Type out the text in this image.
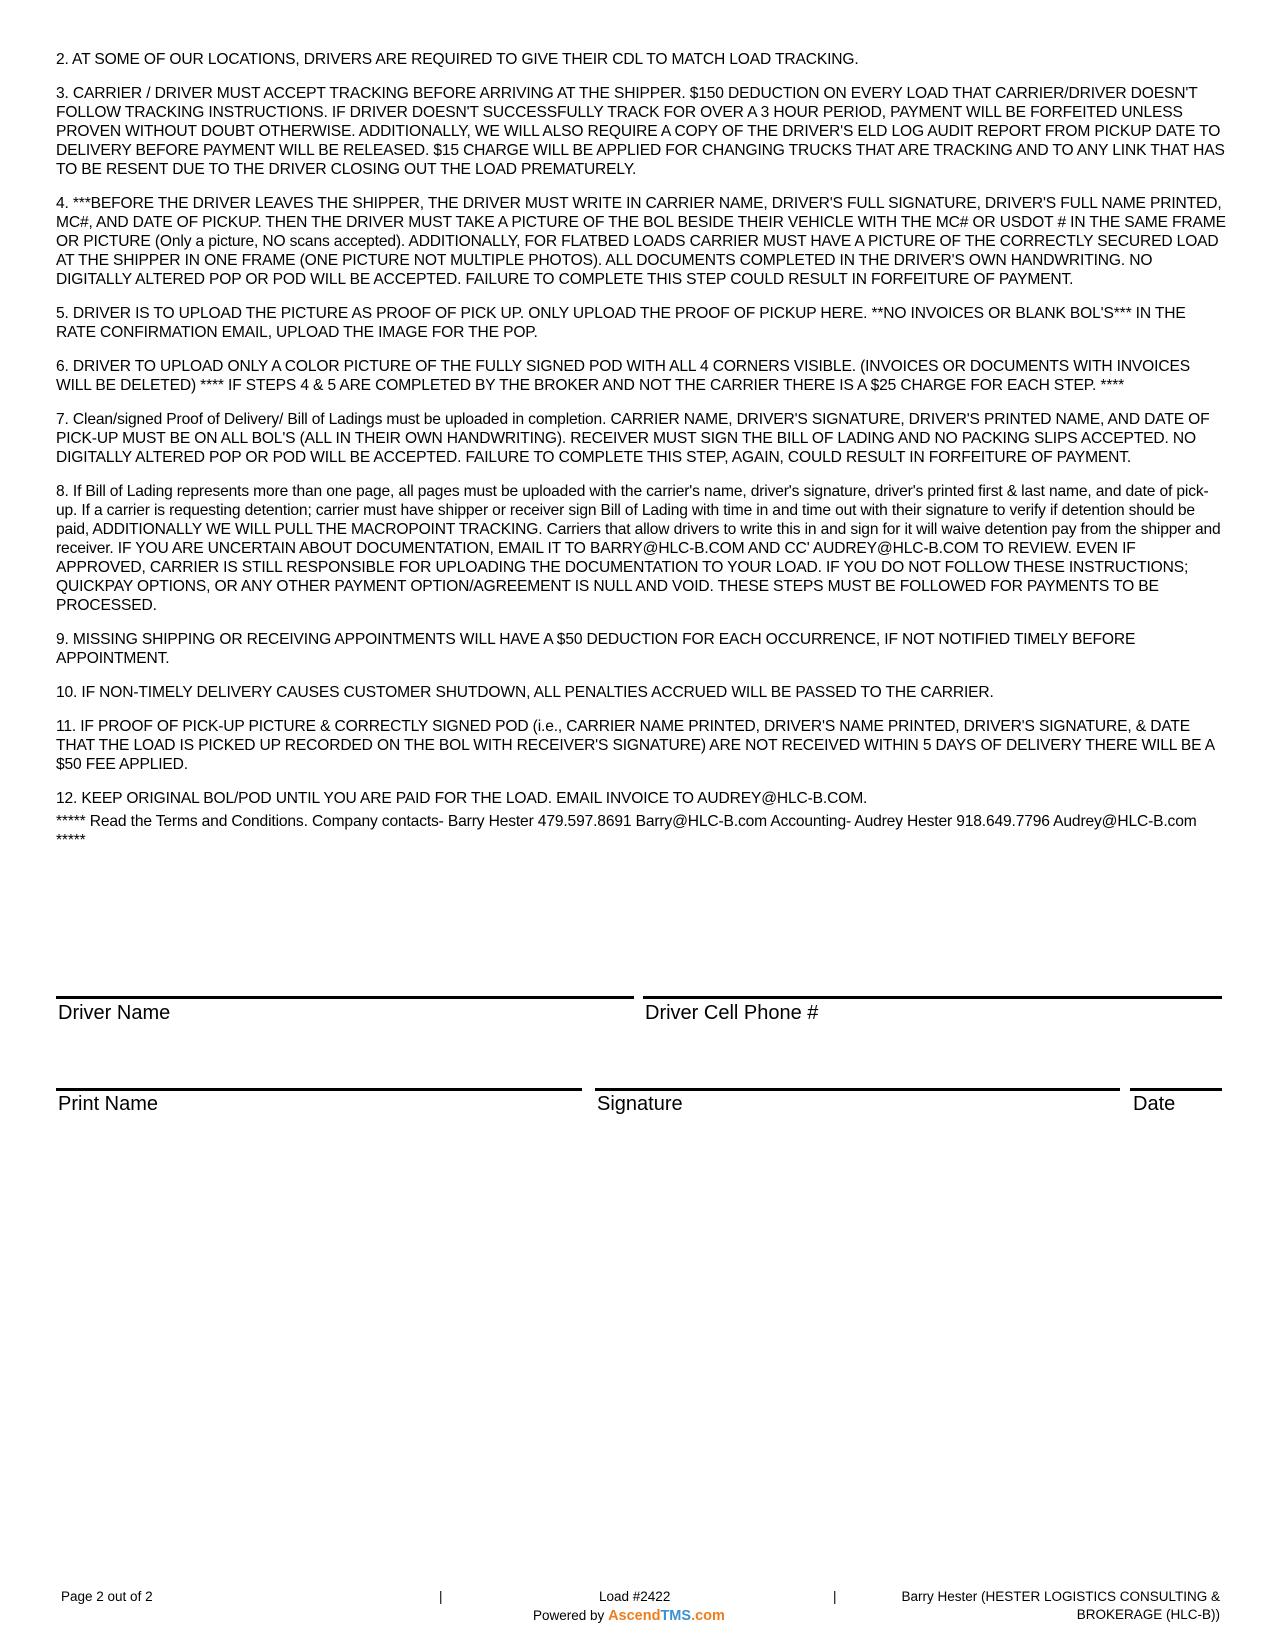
2. AT SOME OF OUR LOCATIONS, DRIVERS ARE REQUIRED TO GIVE THEIR CDL TO MATCH LOAD TRACKING.

3. CARRIER / DRIVER MUST ACCEPT TRACKING BEFORE ARRIVING AT THE SHIPPER. $150 DEDUCTION ON EVERY LOAD THAT CARRIER/DRIVER DOESN'T FOLLOW TRACKING INSTRUCTIONS. IF DRIVER DOESN'T SUCCESSFULLY TRACK FOR OVER A 3 HOUR PERIOD, PAYMENT WILL BE FORFEITED UNLESS PROVEN WITHOUT DOUBT OTHERWISE. ADDITIONALLY, WE WILL ALSO REQUIRE A COPY OF THE DRIVER'S ELD LOG AUDIT REPORT FROM PICKUP DATE TO DELIVERY BEFORE PAYMENT WILL BE RELEASED. $15 CHARGE WILL BE APPLIED FOR CHANGING TRUCKS THAT ARE TRACKING AND TO ANY LINK THAT HAS TO BE RESENT DUE TO THE DRIVER CLOSING OUT THE LOAD PREMATURELY.

4. ***BEFORE THE DRIVER LEAVES THE SHIPPER, THE DRIVER MUST WRITE IN CARRIER NAME, DRIVER'S FULL SIGNATURE, DRIVER'S FULL NAME PRINTED, MC#, AND DATE OF PICKUP. THEN THE DRIVER MUST TAKE A PICTURE OF THE BOL BESIDE THEIR VEHICLE WITH THE MC# OR USDOT # IN THE SAME FRAME OR PICTURE (Only a picture, NO scans accepted). ADDITIONALLY, FOR FLATBED LOADS CARRIER MUST HAVE A PICTURE OF THE CORRECTLY SECURED LOAD AT THE SHIPPER IN ONE FRAME (ONE PICTURE NOT MULTIPLE PHOTOS). ALL DOCUMENTS COMPLETED IN THE DRIVER'S OWN HANDWRITING. NO DIGITALLY ALTERED POP OR POD WILL BE ACCEPTED. FAILURE TO COMPLETE THIS STEP COULD RESULT IN FORFEITURE OF PAYMENT.

5. DRIVER IS TO UPLOAD THE PICTURE AS PROOF OF PICK UP. ONLY UPLOAD THE PROOF OF PICKUP HERE. **NO INVOICES OR BLANK BOL'S*** IN THE RATE CONFIRMATION EMAIL, UPLOAD THE IMAGE FOR THE POP.

6. DRIVER TO UPLOAD ONLY A COLOR PICTURE OF THE FULLY SIGNED POD WITH ALL 4 CORNERS VISIBLE. (INVOICES OR DOCUMENTS WITH INVOICES WILL BE DELETED) **** IF STEPS 4 & 5 ARE COMPLETED BY THE BROKER AND NOT THE CARRIER THERE IS A $25 CHARGE FOR EACH STEP. ****

7. Clean/signed Proof of Delivery/ Bill of Ladings must be uploaded in completion. CARRIER NAME, DRIVER'S SIGNATURE, DRIVER'S PRINTED NAME, AND DATE OF PICK-UP MUST BE ON ALL BOL'S (ALL IN THEIR OWN HANDWRITING). RECEIVER MUST SIGN THE BILL OF LADING AND NO PACKING SLIPS ACCEPTED. NO DIGITALLY ALTERED POP OR POD WILL BE ACCEPTED. FAILURE TO COMPLETE THIS STEP, AGAIN, COULD RESULT IN FORFEITURE OF PAYMENT.

8. If Bill of Lading represents more than one page, all pages must be uploaded with the carrier's name, driver's signature, driver's printed first & last name, and date of pick-up. If a carrier is requesting detention; carrier must have shipper or receiver sign Bill of Lading with time in and time out with their signature to verify if detention should be paid, ADDITIONALLY WE WILL PULL THE MACROPOINT TRACKING. Carriers that allow drivers to write this in and sign for it will waive detention pay from the shipper and receiver. IF YOU ARE UNCERTAIN ABOUT DOCUMENTATION, EMAIL IT TO BARRY@HLC-B.COM AND CC' AUDREY@HLC-B.COM TO REVIEW. EVEN IF APPROVED, CARRIER IS STILL RESPONSIBLE FOR UPLOADING THE DOCUMENTATION TO YOUR LOAD. IF YOU DO NOT FOLLOW THESE INSTRUCTIONS; QUICKPAY OPTIONS, OR ANY OTHER PAYMENT OPTION/AGREEMENT IS NULL AND VOID. THESE STEPS MUST BE FOLLOWED FOR PAYMENTS TO BE PROCESSED.

9. MISSING SHIPPING OR RECEIVING APPOINTMENTS WILL HAVE A $50 DEDUCTION FOR EACH OCCURRENCE, IF NOT NOTIFIED TIMELY BEFORE APPOINTMENT.

10. IF NON-TIMELY DELIVERY CAUSES CUSTOMER SHUTDOWN, ALL PENALTIES ACCRUED WILL BE PASSED TO THE CARRIER.

11. IF PROOF OF PICK-UP PICTURE & CORRECTLY SIGNED POD (i.e., CARRIER NAME PRINTED, DRIVER'S NAME PRINTED, DRIVER'S SIGNATURE, & DATE THAT THE LOAD IS PICKED UP RECORDED ON THE BOL WITH RECEIVER'S SIGNATURE) ARE NOT RECEIVED WITHIN 5 DAYS OF DELIVERY THERE WILL BE A $50 FEE APPLIED.

12. KEEP ORIGINAL BOL/POD UNTIL YOU ARE PAID FOR THE LOAD. EMAIL INVOICE TO AUDREY@HLC-B.COM.

***** Read the Terms and Conditions. Company contacts- Barry Hester 479.597.8691 Barry@HLC-B.com Accounting- Audrey Hester 918.649.7796 Audrey@HLC-B.com *****

Driver Name	Driver Cell Phone #
Print Name	Signature	Date
Page 2 out of 2	|	Load #2422
Powered by AscendTMS.com
|	Barry Hester (HESTER LOGISTICS CONSULTING &
BROKERAGE (HLC-B))
